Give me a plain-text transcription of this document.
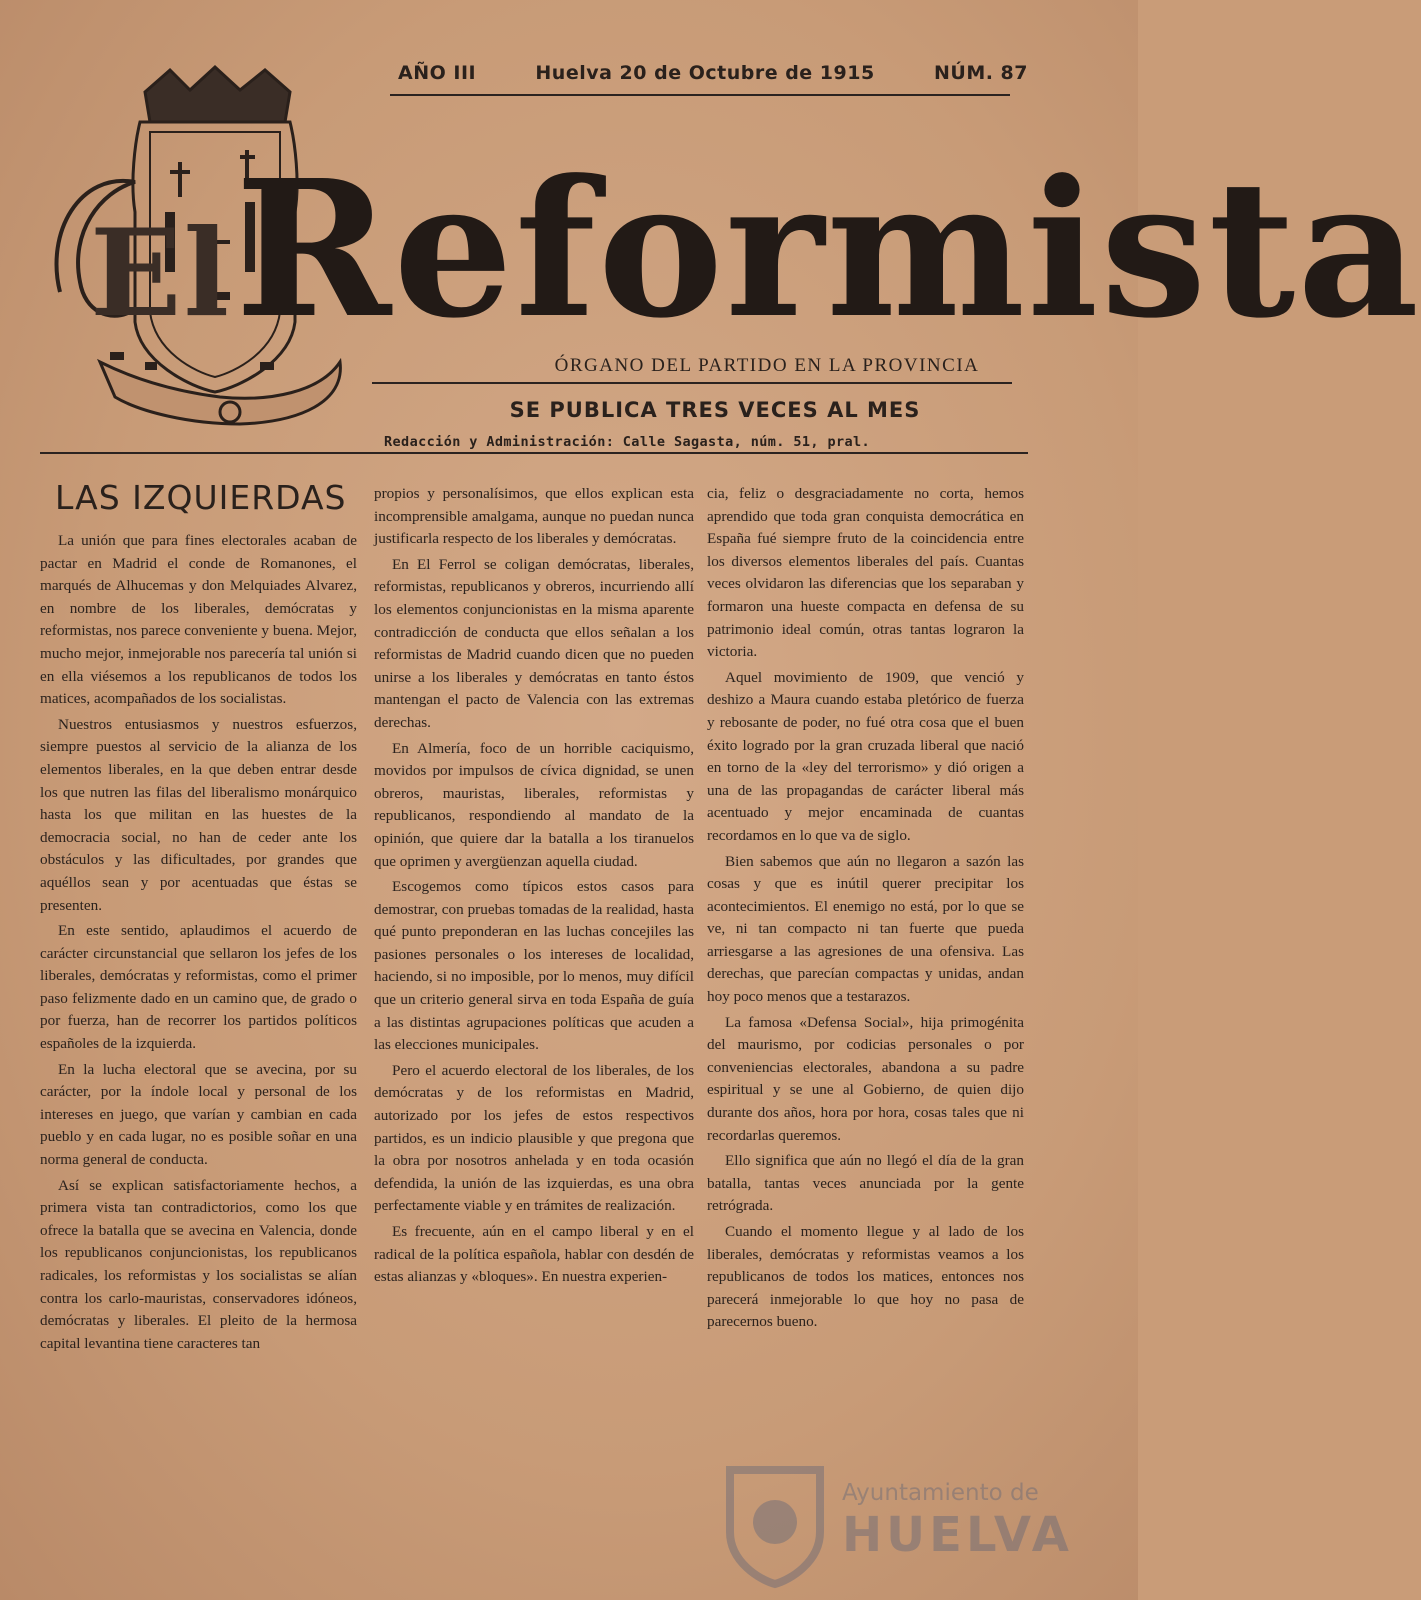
AÑO III	Huelva 20 de Octubre de 1915	NÚM. 87
ElReformista
ÓRGANO DEL PARTIDO EN LA PROVINCIA
SE PUBLICA TRES VECES AL MES
Redacción y Administración: Calle Sagasta, núm. 51, pral.
LAS IZQUIERDAS

La unión que para fines electorales acaban de pactar en Madrid el conde de Romanones, el marqués de Alhucemas y don Melquiades Alvarez, en nombre de los liberales, demócratas y reformistas, nos parece conveniente y buena. Mejor, mucho mejor, inmejorable nos parecería tal unión si en ella viésemos a los republicanos de todos los matices, acompañados de los socialistas.

Nuestros entusiasmos y nuestros esfuerzos, siempre puestos al servicio de la alianza de los elementos liberales, en la que deben entrar desde los que nutren las filas del liberalismo monárquico hasta los que militan en las huestes de la democracia social, no han de ceder ante los obstáculos y las dificultades, por grandes que aquéllos sean y por acentuadas que éstas se presenten.

En este sentido, aplaudimos el acuerdo de carácter circunstancial que sellaron los jefes de los liberales, demócratas y reformistas, como el primer paso felizmente dado en un camino que, de grado o por fuerza, han de recorrer los partidos políticos españoles de la izquierda.

En la lucha electoral que se avecina, por su carácter, por la índole local y personal de los intereses en juego, que varían y cambian en cada pueblo y en cada lugar, no es posible soñar en una norma general de conducta.

Así se explican satisfactoriamente hechos, a primera vista tan contradictorios, como los que ofrece la batalla que se avecina en Valencia, donde los republicanos conjuncionistas, los republicanos radicales, los reformistas y los socialistas se alían contra los carlo-mauristas, conservadores idóneos, demócratas y liberales. El pleito de la hermosa capital levantina tiene caracteres tan

propios y personalísimos, que ellos explican esta incomprensible amalgama, aunque no puedan nunca justificarla respecto de los liberales y demócratas.

En El Ferrol se coligan demócratas, liberales, reformistas, republicanos y obreros, incurriendo allí los elementos conjuncionistas en la misma aparente contradicción de conducta que ellos señalan a los reformistas de Madrid cuando dicen que no pueden unirse a los liberales y demócratas en tanto éstos mantengan el pacto de Valencia con las extremas derechas.

En Almería, foco de un horrible caciquismo, movidos por impulsos de cívica dignidad, se unen obreros, mauristas, liberales, reformistas y republicanos, respondiendo al mandato de la opinión, que quiere dar la batalla a los tiranuelos que oprimen y avergüenzan aquella ciudad.

Escogemos como típicos estos casos para demostrar, con pruebas tomadas de la realidad, hasta qué punto preponderan en las luchas concejiles las pasiones personales o los intereses de localidad, haciendo, si no imposible, por lo menos, muy difícil que un criterio general sirva en toda España de guía a las distintas agrupaciones políticas que acuden a las elecciones municipales.

Pero el acuerdo electoral de los liberales, de los demócratas y de los reformistas en Madrid, autorizado por los jefes de estos respectivos partidos, es un indicio plausible y que pregona que la obra por nosotros anhelada y en toda ocasión defendida, la unión de las izquierdas, es una obra perfectamente viable y en trámites de realización.

Es frecuente, aún en el campo liberal y en el radical de la política española, hablar con desdén de estas alianzas y «bloques». En nuestra experien-

cia, feliz o desgraciadamente no corta, hemos aprendido que toda gran conquista democrática en España fué siempre fruto de la coincidencia entre los diversos elementos liberales del país. Cuantas veces olvidaron las diferencias que los separaban y formaron una hueste compacta en defensa de su patrimonio ideal común, otras tantas lograron la victoria.

Aquel movimiento de 1909, que venció y deshizo a Maura cuando estaba pletórico de fuerza y rebosante de poder, no fué otra cosa que el buen éxito logrado por la gran cruzada liberal que nació en torno de la «ley del terrorismo» y dió origen a una de las propagandas de carácter liberal más acentuado y mejor encaminada de cuantas recordamos en lo que va de siglo.

Bien sabemos que aún no llegaron a sazón las cosas y que es inútil querer precipitar los acontecimientos. El enemigo no está, por lo que se ve, ni tan compacto ni tan fuerte que pueda arriesgarse a las agresiones de una ofensiva. Las derechas, que parecían compactas y unidas, andan hoy poco menos que a testarazos.

La famosa «Defensa Social», hija primogénita del maurismo, por codicias personales o por conveniencias electorales, abandona a su padre espiritual y se une al Gobierno, de quien dijo durante dos años, hora por hora, cosas tales que ni recordarlas queremos.

Ello significa que aún no llegó el día de la gran batalla, tantas veces anunciada por la gente retrógrada.

Cuando el momento llegue y al lado de los liberales, demócratas y reformistas veamos a los republicanos de todos los matices, entonces nos parecerá inmejorable lo que hoy no pasa de parecernos bueno.

Ayuntamiento de
HUELVA
